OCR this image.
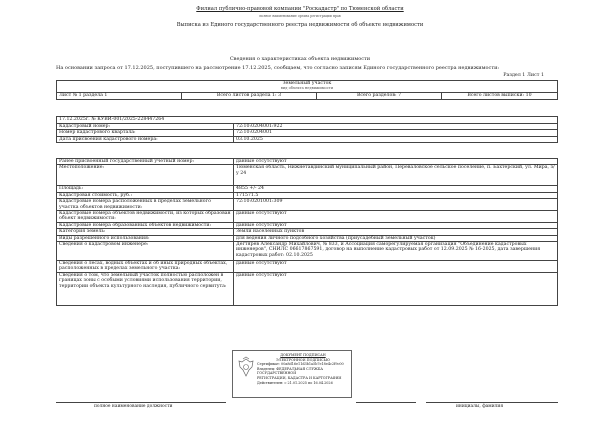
Филиал публично-правовой компании "Роскадастр" по Тюменской области
полное наименование органа регистрации прав
Выписка из Единого государственного реестра недвижимости об объекте недвижимости
Сведения о характеристиках объекта недвижимости
На основании запроса от 17.12.2025, поступившего на рассмотрение 17.12.2025, сообщаем, что согласно записям Единого государственного реестра недвижимости:
Раздел 1 Лист 1
Земельный участок
вид объекта недвижимости

Лист № 1 раздела 1	Всего листов раздела 1: 3	Всего разделов: 7	Всего листов выписки: 10
17.12.2025г. № КУВИ-001/2025-228447264	
Кадастровый номер:	72:10:0204001:922
Номер кадастрового квартала:	72:10:0204001
Дата присвоения кадастрового номера:	03.10.2025
Ранее присвоенный государственный учетный номер:	данные отсутствуют
Местоположение:	Тюменская область, Нижнетавдинский муниципальный район, Переваловское сельское поселение, п. Бахтерский, ул. Мира, з/у 24
Площадь:	4855 +/- 24
Кадастровая стоимость, руб.:	171571.5
Кадастровые номера расположенных в пределах земельного участка объектов недвижимости:	72:10:0201001:309
Кадастровые номера объектов недвижимости, из которых образован объект недвижимости:	данные отсутствуют
Кадастровые номера образованных объектов недвижимости:	данные отсутствуют
Категория земель:	Земли населенных пунктов
Виды разрешенного использования:	для ведения личного подсобного хозяйства (приусадебный земельный участок)
Сведения о кадастровом инженере:	Дегтярёв Александр Михайлович, № 833, и Ассоциация саморегулируемая организация "Объединение кадастровых инженеров", СНИЛС 06617867591, договор на выполнение кадастровых работ от 12.09.2025 № 16-2025, дата завершения кадастровых работ: 02.10.2025
Сведения о лесах, водных объектах и об иных природных объектах, расположенных в пределах земельного участка:	данные отсутствуют
Сведения о том, что земельный участок полностью расположен в границах зоны с особыми условиями использования территории, территории объекта культурного наследия, публичного сервитута:	данные отсутствуют
ДОКУМЕНТ ПОДПИСАН
ЭЛЕКТРОННОЙ ПОДПИСЬЮ
Сертификат: 00a8d16e11d3b1a5b7e18e4c2f9c00
Владелец: ФЕДЕРАЛЬНАЯ СЛУЖБА ГОСУДАРСТВЕННОЙ
РЕГИСТРАЦИИ, КАДАСТРА И КАРТОГРАФИИ
Действителен: с 21.01.2025 по 16.04.2026
полное наименование должности	инициалы, фамилия
